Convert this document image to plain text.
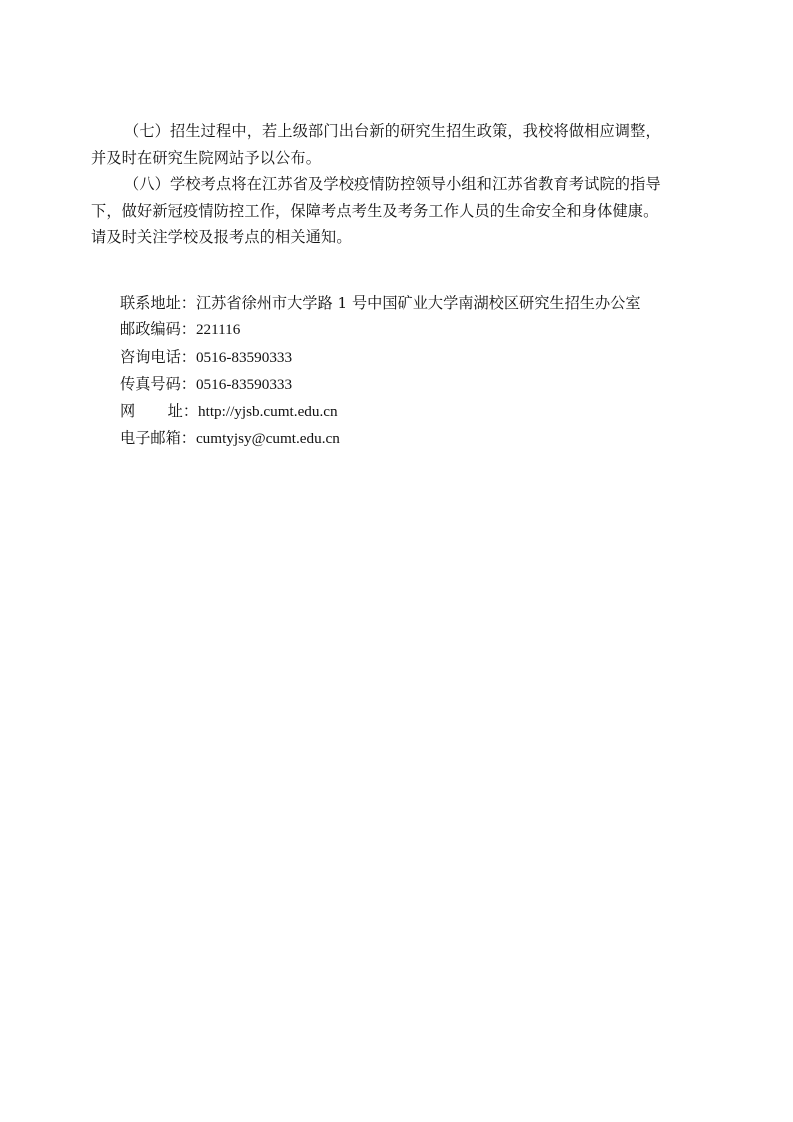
（七）招生过程中，若上级部门出台新的研究生招生政策，我校将做相应调整，
并及时在研究生院网站予以公布。

（八）学校考点将在江苏省及学校疫情防控领导小组和江苏省教育考试院的指导
下，做好新冠疫情防控工作，保障考点考生及考务工作人员的生命安全和身体健康。
请及时关注学校及报考点的相关通知。

联系地址：江苏省徐州市大学路 1 号中国矿业大学南湖校区研究生招生办公室
邮政编码：221116
咨询电话：0516-83590333
传真号码：0516-83590333
网 址： http://yjsb.cumt.edu.cn
电子邮箱：cumtyjsy@cumt.edu.cn
